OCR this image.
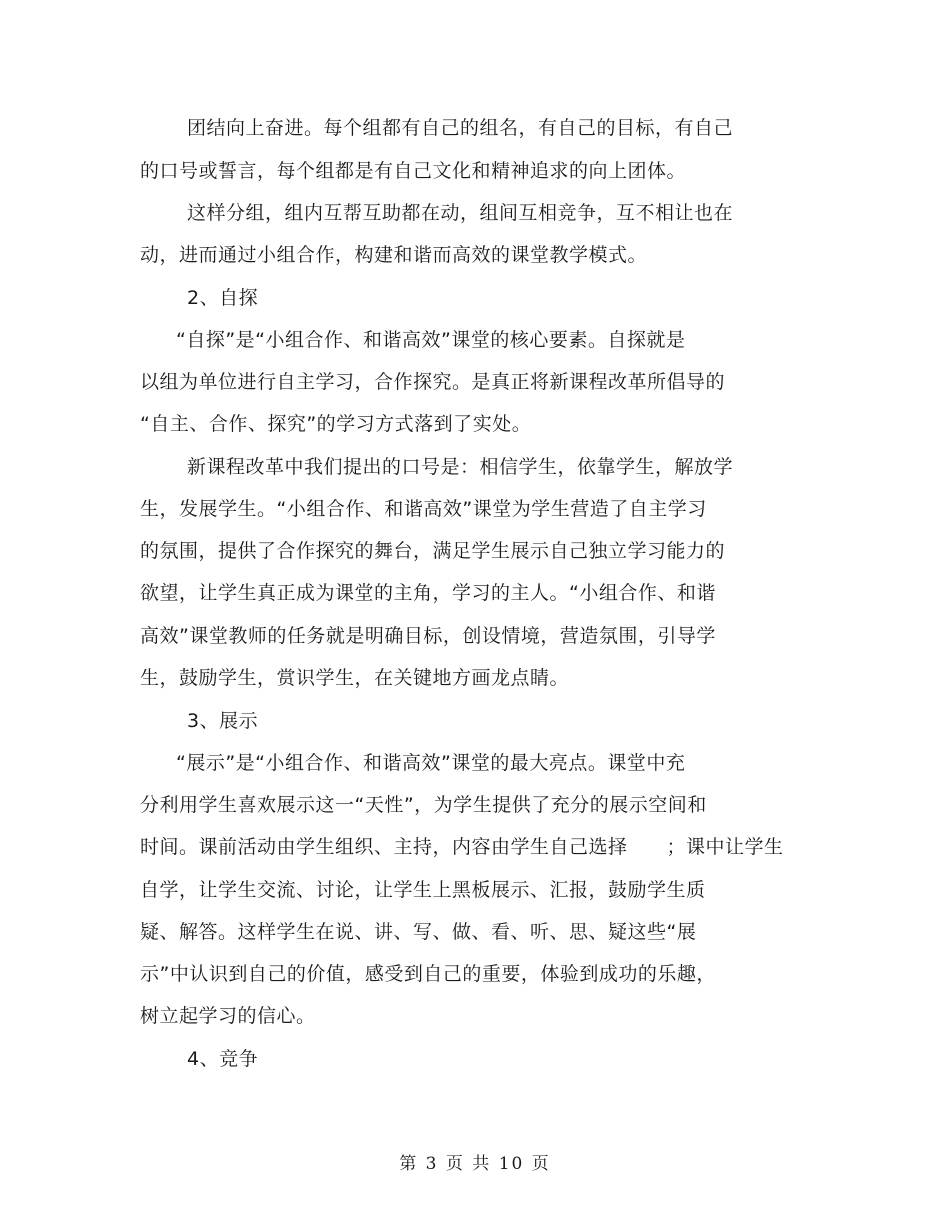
团结向上奋进。每个组都有自己的组名，有自己的目标，有自己
的口号或誓言，每个组都是有自己文化和精神追求的向上团体。
这样分组，组内互帮互助都在动，组间互相竞争，互不相让也在
动，进而通过小组合作，构建和谐而高效的课堂教学模式。
2、自探
“自探”是“小组合作、和谐高效”课堂的核心要素。自探就是
以组为单位进行自主学习，合作探究。是真正将新课程改革所倡导的
“自主、合作、探究”的学习方式落到了实处。
新课程改革中我们提出的口号是：相信学生，依靠学生，解放学
生，发展学生。“小组合作、和谐高效”课堂为学生营造了自主学习
的氛围，提供了合作探究的舞台，满足学生展示自己独立学习能力的
欲望，让学生真正成为课堂的主角，学习的主人。“小组合作、和谐
高效”课堂教师的任务就是明确目标，创设情境，营造氛围，引导学
生，鼓励学生，赏识学生，在关键地方画龙点睛。
3、展示
“展示”是“小组合作、和谐高效”课堂的最大亮点。课堂中充
分利用学生喜欢展示这一“天性”，为学生提供了充分的展示空间和
时间。课前活动由学生组织、主持，内容由学生自己选择　　；课中让学生
自学，让学生交流、讨论，让学生上黑板展示、汇报，鼓励学生质
疑、解答。这样学生在说、讲、写、做、看、听、思、疑这些“展
示”中认识到自己的价值，感受到自己的重要，体验到成功的乐趣，
树立起学习的信心。
4、竞争
第 3 页 共 10 页
